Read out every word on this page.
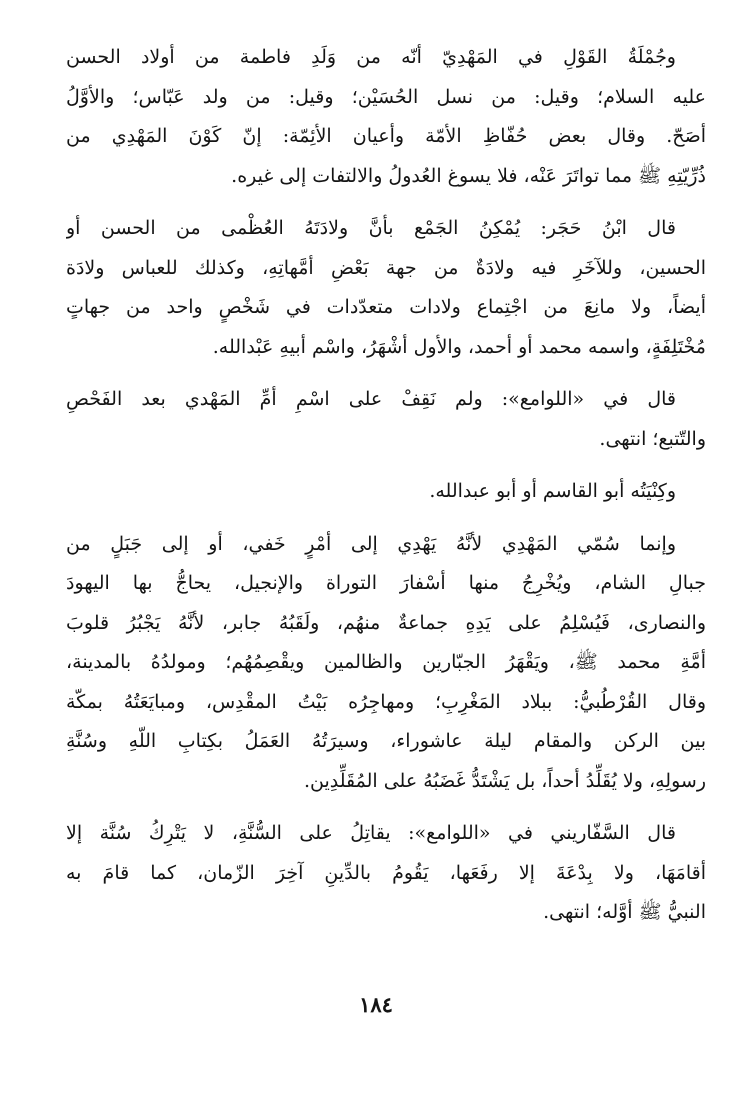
وجُمْلَةُ القَوْلِ في المَهْدِيّ أنّه من وَلَدِ فاطمة من أولاد الحسن
عليه السلام؛ وقيل: من نسل الحُسَيْن؛ وقيل: من ولد عَبّاس؛ والأوَّلُ
أصَحّ. وقال بعض حُفّاظِ الأمّة وأعيان الأئِمّة: إنّ كَوْنَ المَهْدِي من
ذُرِّيّتِهِ ﷺ مما تواتَرَ عَنْه، فلا يسوغ العُدولُ والالتفات إلى غيره.
قال ابْنُ حَجَر: يُمْكِنُ الجَمْع بأنَّ ولادَتَهُ العُظْمى من الحسن أو
الحسين، وللآخَرِ فيه ولادَةٌ من جهة بَعْضِ أمَّهاتِهِ، وكذلك للعباس ولادَة
أيضاً، ولا مانِعَ من اجْتِماع ولادات متعدّدات في شَخْصٍ واحد من جهاتٍ
مُخْتَلِفَةٍ، واسمه محمد أو أحمد، والأول أشْهَرُ، واسْم أبيهِ عَبْدالله.
قال في «اللوامع»: ولم نَقِفْ على اسْمِ أمِّ المَهْدي بعد الفَحْصِ
والتّتبع؛ انتهى.
وكِنْيَتُه أبو القاسم أو أبو عبدالله.
وإنما سُمّي المَهْدِي لأنَّهُ يَهْدِي إلى أمْرٍ خَفي، أو إلى جَبَلٍ من
جبالِ الشام، ويُخْرِجُ منها أسْفارَ التوراة والإنجيل، يحاجُّ بها اليهودَ
والنصارى، فَيُسْلِمُ على يَدِهِ جماعةٌ منهُم، ولَقَبُهُ جابر، لأنَّهُ يَجْبُرُ قلوبَ
أمَّةِ محمد ﷺ، ويَقْهَرُ الجبّارين والظالمين ويقْصِمُهُم؛ ومولدُهُ بالمدينة،
وقال القُرْطُبيُّ: ببلاد المَغْرِبِ؛ ومهاجِرُه بَيْتُ المقْدِس، ومبايَعَتُهُ بمكّة
بين الركن والمقام ليلة عاشوراء، وسيرَتُهُ العَمَلُ بكِتابِ اللّهِ وسُنَّةِ
رسولِهِ، ولا يُقَلِّدُ أحداً، بل يَشْتَدُّ غَضَبُهُ على المُقَلِّدِين.
قال السَّفّاريني في «اللوامع»: يقاتِلُ على السُّنَّةِ، لا يَتْرِكُ سُنَّة إلا
أقامَهَا، ولا بِدْعَةَ إلا رفَعَها، يَقُومُ بالدِّينِ آخِرَ الزّمان، كما قامَ به
النبيُّ ﷺ أوَّله؛ انتهى.
١٨٤
